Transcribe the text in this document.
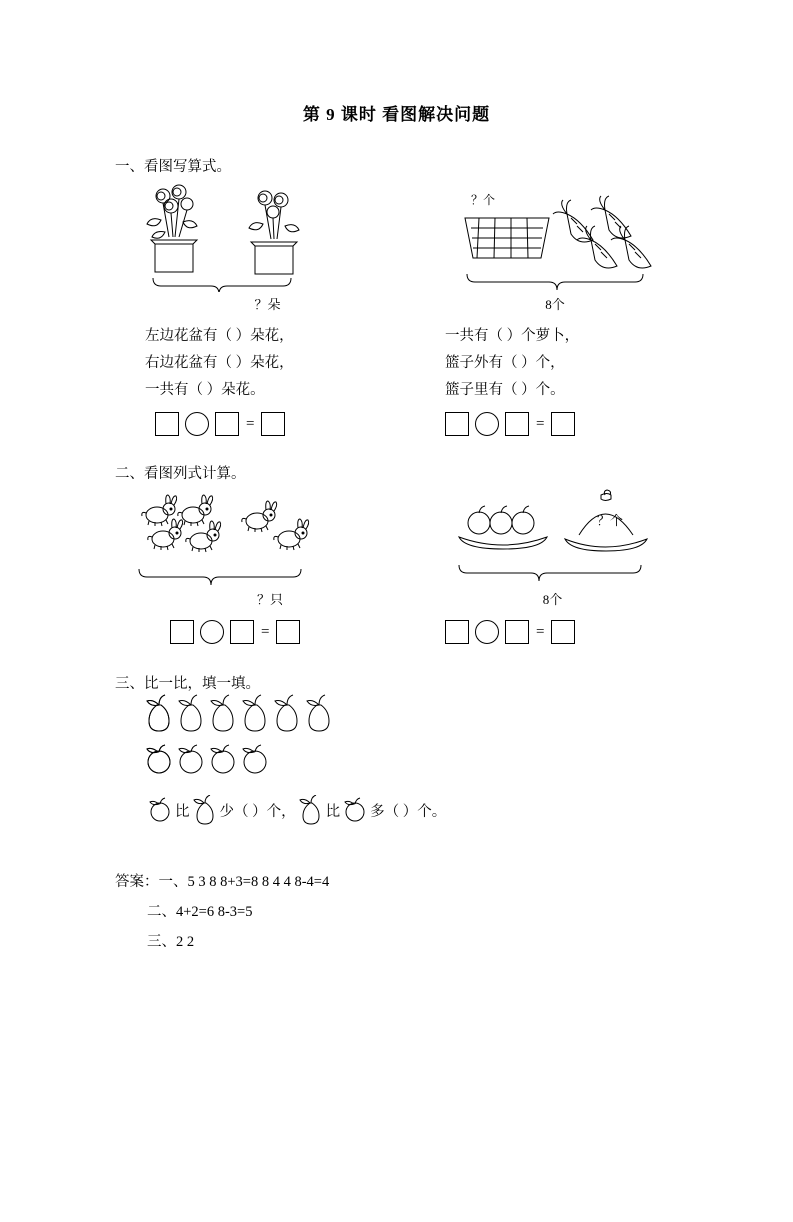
第 9 课时 看图解决问题
一、看图写算式。
？朵
左边花盆有（ ）朵花，
右边花盆有（ ）朵花，
一共有（ ）朵花。
=
？个
8个
一共有（ ）个萝卜，
篮子外有（ ）个，
篮子里有（ ）个。
=
二、看图列式计算。
？只
=
？个
8个
=
三、比一比，填一填。
比 少（ ）个， 比 多（ ）个。
答案：一、5 3 8 8+3=8 8 4 4 8-4=4
二、4+2=6 8-3=5
三、2 2
